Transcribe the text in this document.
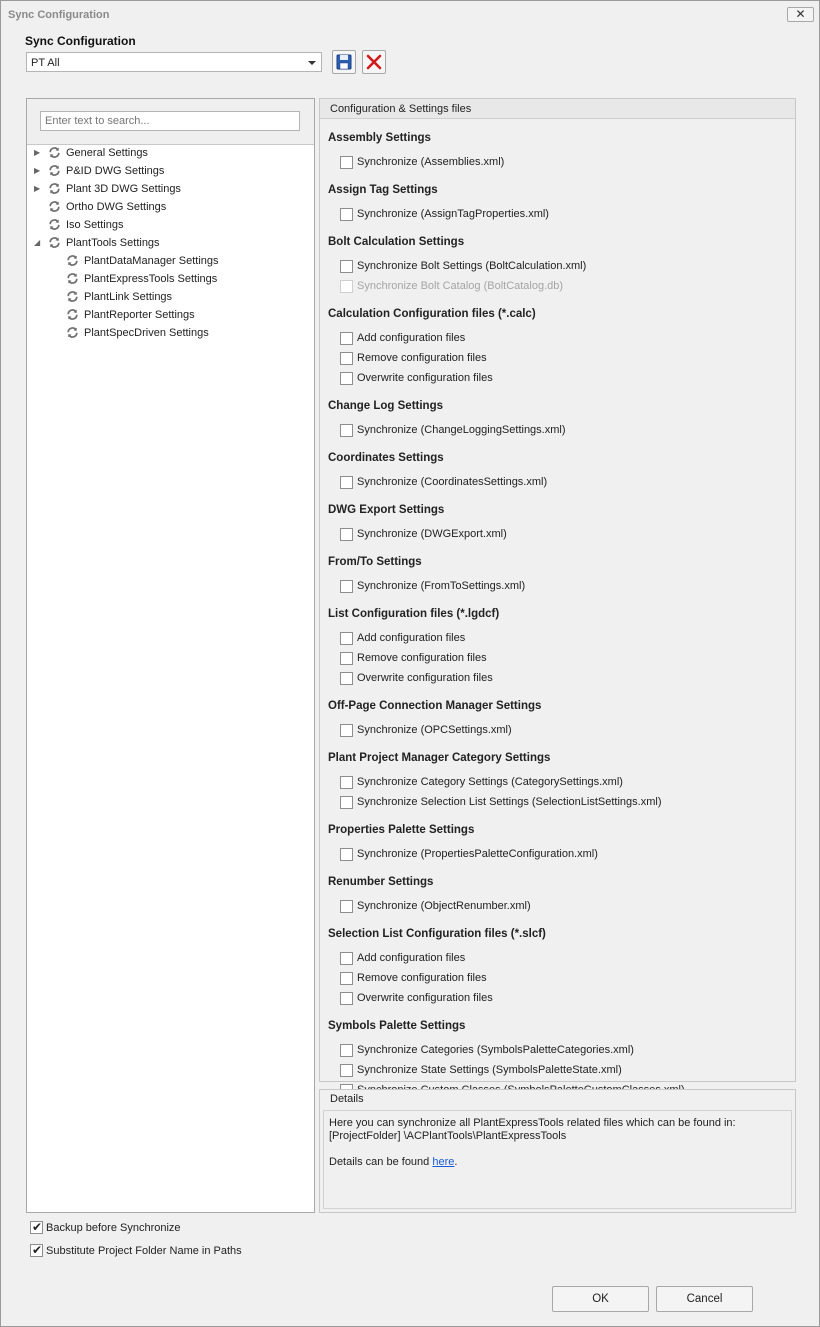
Sync Configuration	✕
Sync Configuration
PT All
Enter text to search...
▶	General Settings
▶	P&ID DWG Settings
▶	Plant 3D DWG Settings
Ortho DWG Settings
Iso Settings
◢	PlantTools Settings
PlantDataManager Settings
PlantExpressTools Settings
PlantLink Settings
PlantReporter Settings
PlantSpecDriven Settings
Configuration & Settings files
Assembly Settings
Synchronize (Assemblies.xml)
Assign Tag Settings
Synchronize (AssignTagProperties.xml)
Bolt Calculation Settings
Synchronize Bolt Settings (BoltCalculation.xml)
Synchronize Bolt Catalog (BoltCatalog.db)
Calculation Configuration files (*.calc)
Add configuration files
Remove configuration files
Overwrite configuration files
Change Log Settings
Synchronize (ChangeLoggingSettings.xml)
Coordinates Settings
Synchronize (CoordinatesSettings.xml)
DWG Export Settings
Synchronize (DWGExport.xml)
From/To Settings
Synchronize (FromToSettings.xml)
List Configuration files (*.lgdcf)
Add configuration files
Remove configuration files
Overwrite configuration files
Off-Page Connection Manager Settings
Synchronize (OPCSettings.xml)
Plant Project Manager Category Settings
Synchronize Category Settings (CategorySettings.xml)
Synchronize Selection List Settings (SelectionListSettings.xml)
Properties Palette Settings
Synchronize (PropertiesPaletteConfiguration.xml)
Renumber Settings
Synchronize (ObjectRenumber.xml)
Selection List Configuration files (*.slcf)
Add configuration files
Remove configuration files
Overwrite configuration files
Symbols Palette Settings
Synchronize Categories (SymbolsPaletteCategories.xml)
Synchronize State Settings (SymbolsPaletteState.xml)
Details
Here you can synchronize all PlantExpressTools related files which can be found in:
[ProjectFolder] \ACPlantTools\PlantExpressTools
Details can be found here.
✔ Backup before Synchronize
✔ Substitute Project Folder Name in Paths
OK	Cancel
